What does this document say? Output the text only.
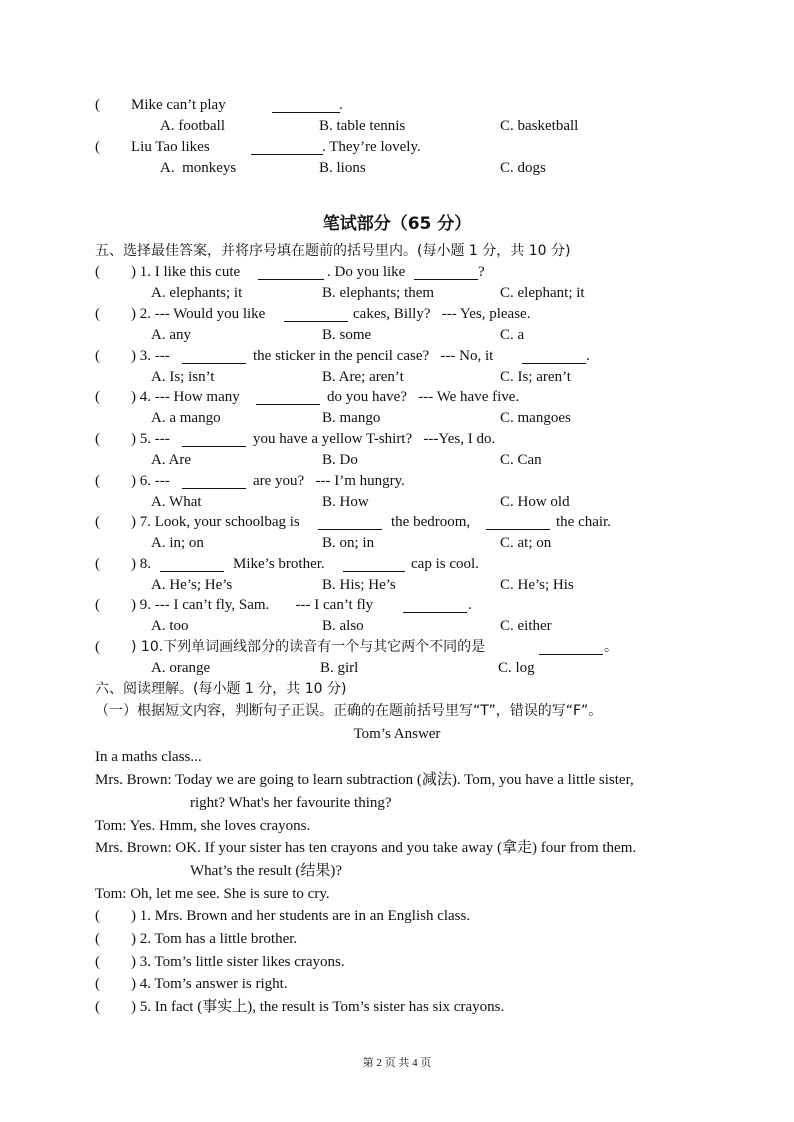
( Mike can’t play	.
A. football	B. table tennis	C. basketball
( Liu Tao likes	. They’re lovely.
A.  monkeys	B. lions	C. dogs
笔试部分（65 分）
五、选择最佳答案，并将序号填在题前的括号里内。(每小题 1 分，共 10 分)
( ) 1. I like this cute	. Do you like	?
A. elephants; it	B. elephants; them	C. elephant; it
( ) 2. --- Would you like	cakes, Billy?   --- Yes, please.
A. any	B. some	C. a
( ) 3. ---	the sticker in the pencil case?   --- No, it	.
A. Is; isn’t	B. Are; aren’t	C. Is; aren’t
( ) 4. --- How many	do you have?   --- We have five.
A. a mango	B. mango	C. mangoes
( ) 5. ---	you have a yellow T-shirt?   ---Yes, I do.
A. Are	B. Do	C. Can
( ) 6. ---	are you?   --- I’m hungry.
A. What	B. How	C. How old
( ) 7. Look, your schoolbag is	the bedroom,	the chair.
A. in; on	B. on; in	C. at; on
( ) 8.	Mike’s brother.	cap is cool.
A. He’s; He’s	B. His; He’s	C. He’s; His
( ) 9. --- I can’t fly, Sam.       --- I can’t fly	.
A. too	B. also	C. either
( ) 10.下列单词画线部分的读音有一个与其它两个不同的是	。
A. orange	B. girl	C. log
六、阅读理解。(每小题 1 分，共 10 分)
（一）根据短文内容，判断句子正误。正确的在题前括号里写“T”，错误的写“F”。
Tom’s Answer
In a maths class...
Mrs. Brown: Today we are going to learn subtraction (减法). Tom, you have a little sister,
right? What's her favourite thing?
Tom: Yes. Hmm, she loves crayons.
Mrs. Brown: OK. If your sister has ten crayons and you take away (拿走) four from them.
What’s the result (结果)?
Tom: Oh, let me see. She is sure to cry.
( ) 1. Mrs. Brown and her students are in an English class.
( ) 2. Tom has a little brother.
( ) 3. Tom’s little sister likes crayons.
( ) 4. Tom’s answer is right.
( ) 5. In fact (事实上), the result is Tom’s sister has six crayons.
第 2 页 共 4 页
